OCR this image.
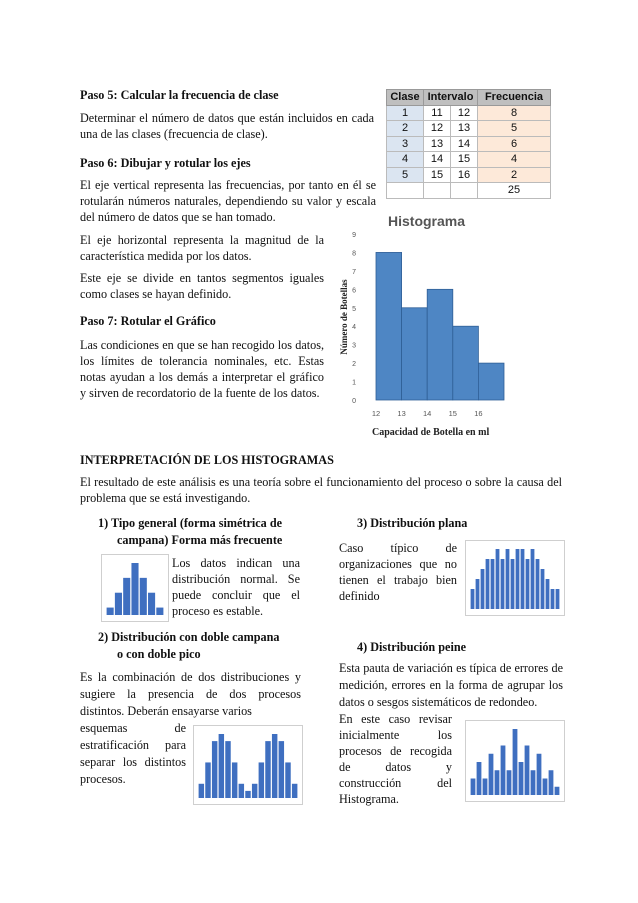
Paso 5: Calcular la frecuencia de clase

Determinar el número de datos que están incluidos en cada una de las clases (frecuencia de clase).

Paso 6: Dibujar y rotular los ejes

El eje vertical representa las frecuencias, por tanto en él se rotularán números naturales, dependiendo su valor y escala del número de datos que se han tomado.

El eje horizontal representa la magnitud de la característica medida por los datos.

Este eje se divide en tantos segmentos iguales como clases se hayan definido.

Paso 7: Rotular el Gráfico

Las condiciones en que se han recogido los datos, los límites de tolerancia nominales, etc. Estas notas ayudan a los demás a interpretar el gráfico y sirven de recordatorio de la fuente de los datos.

Clase	Intervalo		Frecuencia
1	11	12	8
2	12	13	5
3	13	14	6
4	14	15	4
5	15	16	2
			25
Histograma
0
1
2
3
4
5
6
7
8
9
Número de Botellas
12 13 14 15 16
Capacidad de Botella en ml

INTERPRETACIÓN DE LOS HISTOGRAMAS

El resultado de este análisis es una teoría sobre el funcionamiento del proceso o sobre la causa del problema que se está investigando.

1) Tipo general (forma simétrica de

campana) Forma más frecuente

Los datos indican una distribución normal. Se puede concluir que el proceso es estable.

2) Distribución con doble campana

o con doble pico

Es la combinación de dos distribuciones y sugiere la presencia de dos procesos distintos. Deberán ensayarse varios

esquemas de estratificación para separar los distintos procesos.

3) Distribución plana

Caso típico de organizaciones que no tienen el trabajo bien definido

4) Distribución peine

Esta pauta de variación es típica de errores de medición, errores en la forma de agrupar los datos o sesgos sistemáticos de redondeo.

En este caso revisar inicialmente los procesos de recogida de datos y construcción del Histograma.
